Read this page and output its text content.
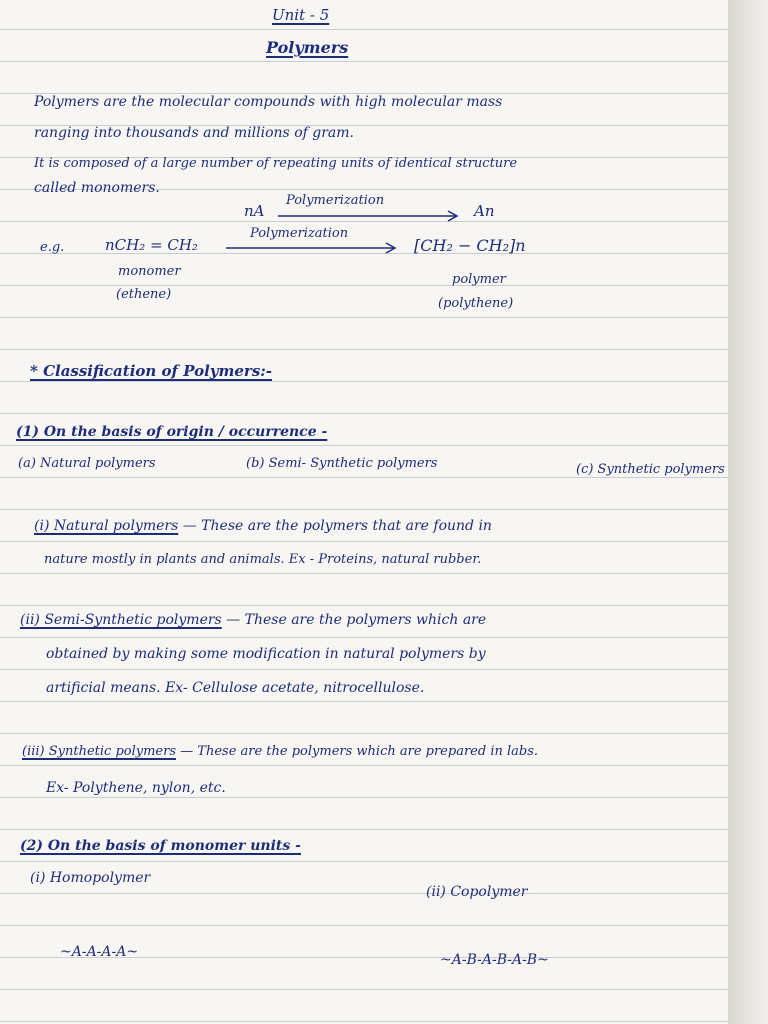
Unit - 5
Polymers
Polymers are the molecular compounds with high molecular mass
ranging into thousands and millions of gram.
It is composed of a large number of repeating units of identical structure
called monomers.
nA
Polymerization
An
e.g.	nCH₂ = CH₂
Polymerization
[CH₂ − CH₂]n
monomer
(ethene)
polymer
(polythene)
* Classification of Polymers:-
(1) On the basis of origin / occurrence -
(a) Natural polymers	(b) Semi- Synthetic polymers	(c) Synthetic polymers
(i) Natural polymers — These are the polymers that are found in
nature mostly in plants and animals. Ex - Proteins, natural rubber.
(ii) Semi-Synthetic polymers — These are the polymers which are
obtained by making some modification in natural polymers by
artificial means. Ex- Cellulose acetate, nitrocellulose.
(iii) Synthetic polymers — These are the polymers which are prepared in labs.
Ex- Polythene, nylon, etc.
(2) On the basis of monomer units -
(i) Homopolymer
(ii) Copolymer
~A-A-A-A~	~A-B-A-B-A-B~
